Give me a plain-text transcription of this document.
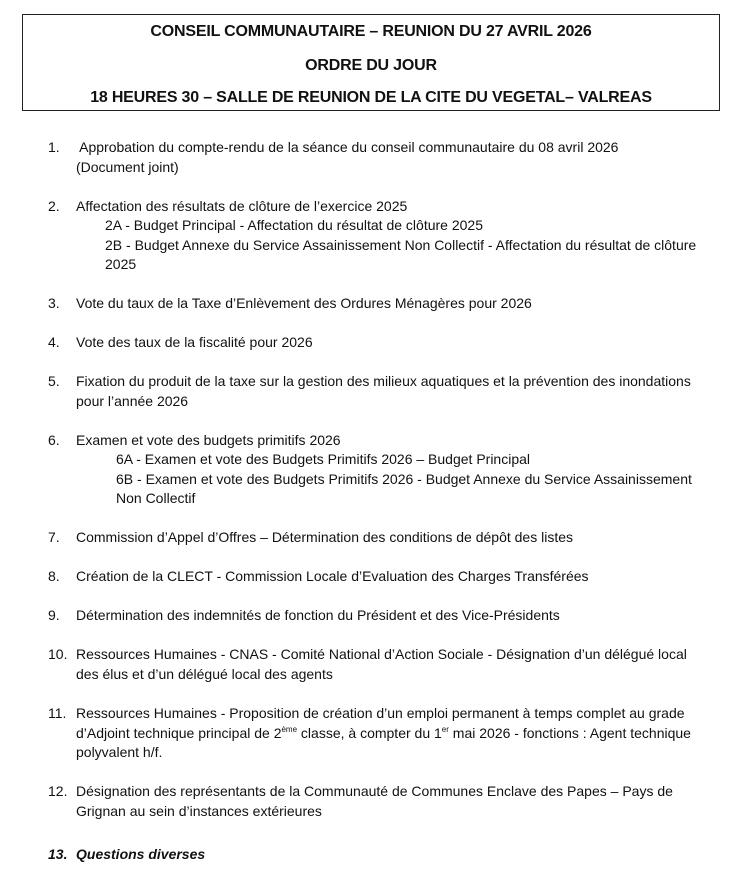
CONSEIL COMMUNAUTAIRE – REUNION DU 27 AVRIL 2026
ORDRE DU JOUR
18 HEURES 30 – SALLE DE REUNION DE LA CITE DU VEGETAL– VALREAS
1.	Approbation du compte-rendu de la séance du conseil communautaire du 08 avril 2026
(Document joint)
2.	Affectation des résultats de clôture de l’exercice 2025
2A - Budget Principal - Affectation du résultat de clôture 2025
2B - Budget Annexe du Service Assainissement Non Collectif - Affectation du résultat de clôture
2025
3.	Vote du taux de la Taxe d’Enlèvement des Ordures Ménagères pour 2026
4.	Vote des taux de la fiscalité pour 2026
5.	Fixation du produit de la taxe sur la gestion des milieux aquatiques et la prévention des inondations
pour l’année 2026
6.	Examen et vote des budgets primitifs 2026
6A - Examen et vote des Budgets Primitifs 2026 – Budget Principal
6B - Examen et vote des Budgets Primitifs 2026 - Budget Annexe du Service Assainissement
Non Collectif
7.	Commission d’Appel d’Offres – Détermination des conditions de dépôt des listes
8.	Création de la CLECT - Commission Locale d’Evaluation des Charges Transférées
9.	Détermination des indemnités de fonction du Président et des Vice-Présidents
10. Ressources Humaines - CNAS - Comité National d’Action Sociale - Désignation d’un délégué local
des élus et d’un délégué local des agents
11. Ressources Humaines - Proposition de création d’un emploi permanent à temps complet au grade
d’Adjoint technique principal de 2ème classe, à compter du 1er mai 2026 - fonctions : Agent technique
polyvalent h/f.
12. Désignation des représentants de la Communauté de Communes Enclave des Papes – Pays de
Grignan au sein d’instances extérieures
13. Questions diverses
